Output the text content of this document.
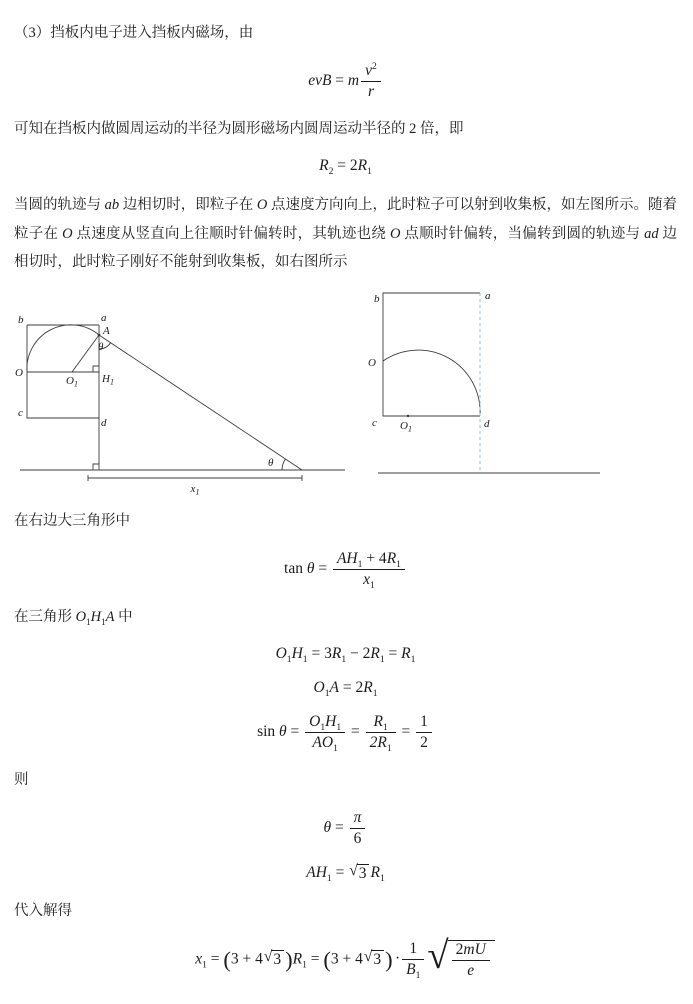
（3）挡板内电子进入挡板内磁场，由

evB = m $\frac{v^2}{r}$

可知在挡板内做圆周运动的半径为圆形磁场内圆周运动半径的 2 倍，即

$R_2 = 2R_1$

当圆的轨迹与 ab 边相切时，即粒子在 O 点速度方向向上，此时粒子可以射到收集板，如左图所示。随着粒子在 O 点速度从竖直向上往顺时针偏转时，其轨迹也绕 O 点顺时针偏转，当偏转到圆的轨迹与 ad 边相切时，此时粒子刚好不能射到收集板，如右图所示

b	a
A
θ
O
$O_1$ $H_1$
c
d
θ
$x_1$
b	a
O
c $O_1$	d

在右边大三角形中

$\tan \theta = \frac{AH_1 + 4R_1}{x_1}$

在三角形 $O_1H_1A$ 中

$O_1H_1 = 3R_1 - 2R_1 = R_1$
$O_1A = 2R_1$
$\sin \theta = \frac{O_1H_1}{AO_1} = \frac{R_1}{2R_1} = \frac{1}{2}$

则

$\theta = \frac{\pi}{6}$
$AH_1$ = √ 3 $R_1$

代入解得

$x_1 = (3 + 4$ √ 3 )$R_1 = (3 + 4$ √ 3 ) · $\frac{1}{B_1}$ √ $\frac{2mU}{e}$
